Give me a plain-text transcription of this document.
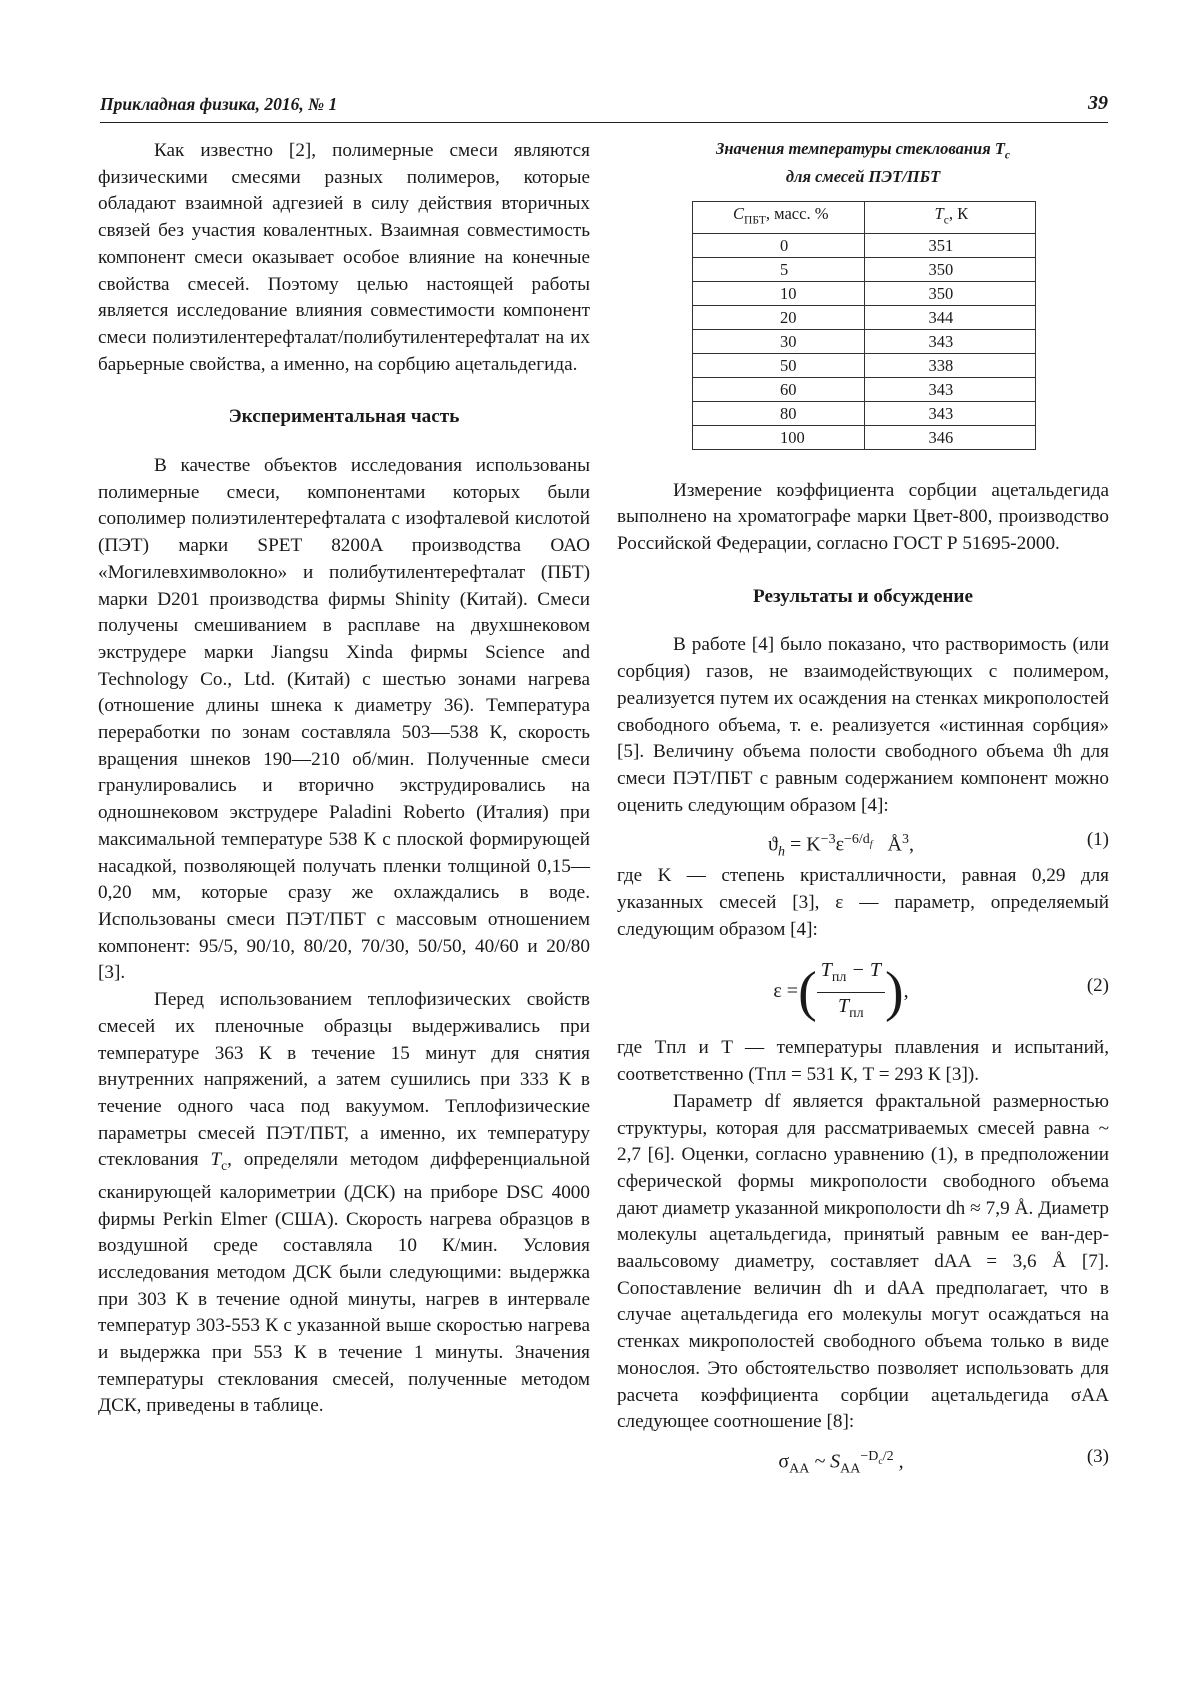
Прикладная физика, 2016, № 1	39

Как известно [2], полимерные смеси являются физическими смесями разных полимеров, которые обладают взаимной адгезией в силу действия вторичных связей без участия ковалентных. Взаимная совместимость компонент смеси оказывает особое влияние на конечные свойства смесей. Поэтому целью настоящей работы является исследование влияния совместимости компонент смеси полиэтилентерефталат/полибутилентерефталат на их барьерные свойства, а именно, на сорбцию ацетальдегида.

Экспериментальная часть

В качестве объектов исследования использованы полимерные смеси, компонентами которых были сополимер полиэтилентерефталата с изофталевой кислотой (ПЭТ) марки SPET 8200A производства ОАО «Могилевхимволокно» и полибутилентерефталат (ПБТ) марки D201 производства фирмы Shinity (Китай). Смеси получены смешиванием в расплаве на двухшнековом экструдере марки Jiangsu Xinda фирмы Science and Technology Co., Ltd. (Китай) с шестью зонами нагрева (отношение длины шнека к диаметру 36). Температура переработки по зонам составляла 503—538 К, скорость вращения шнеков 190—210 об/мин. Полученные смеси гранулировались и вторично экструдировались на одношнековом экструдере Paladini Roberto (Италия) при максимальной температуре 538 К с плоской формирующей насадкой, позволяющей получать пленки толщиной 0,15—0,20 мм, которые сразу же охлаждались в воде. Использованы смеси ПЭТ/ПБТ с массовым отношением компонент: 95/5, 90/10, 80/20, 70/30, 50/50, 40/60 и 20/80 [3].

Перед использованием теплофизических свойств смесей их пленочные образцы выдерживались при температуре 363 К в течение 15 минут для снятия внутренних напряжений, а затем сушились при 333 К в течение одного часа под вакуумом. Теплофизические параметры смесей ПЭТ/ПБТ, а именно, их температуру стеклования $T_c$, определяли методом дифференциальной сканирующей калориметрии (ДСК) на приборе DSC 4000 фирмы Perkin Elmer (США). Скорость нагрева образцов в воздушной среде составляла 10 К/мин. Условия исследования методом ДСК были следующими: выдержка при 303 К в течение одной минуты, нагрев в интервале температур 303-553 К с указанной выше скоростью нагрева и выдержка при 553 К в течение 1 минуты. Значения температуры стеклования смесей, полученные методом ДСК, приведены в таблице.

Значения температуры стеклования $T_c$
для смесей ПЭТ/ПБТ
$C_{ПБТ}$, масс. %	$T_c$, К
0	351
5	350
10	350
20	344
30	343
50	338
60	343
80	343
100	346

Измерение коэффициента сорбции ацетальдегида выполнено на хроматографе марки Цвет-800, производство Российской Федерации, согласно ГОСТ Р 51695-2000.

Результаты и обсуждение

В работе [4] было показано, что растворимость (или сорбция) газов, не взаимодействующих с полимером, реализуется путем их осаждения на стенках микрополостей свободного объема, т. е. реализуется «истинная сорбция» [5]. Величину объема полости свободного объема ϑh для смеси ПЭТ/ПБТ с равным содержанием компонент можно оценить следующим образом [4]:

$ϑ_h = K^{-3}\varepsilon^{-6/d_f}$ $Å^3$,	(1)

где K — степень кристалличности, равная 0,29 для указанных смесей [3], ε — параметр, определяемый следующим образом [4]:

ε =( $\frac{T_{пл} - T}{T_{пл}}$ ),	(2)

где Tпл и T — температуры плавления и испытаний, соответственно (Tпл = 531 К, T = 293 К [3]).

Параметр df является фрактальной размерностью структуры, которая для рассматриваемых смесей равна ~ 2,7 [6]. Оценки, согласно уравнению (1), в предположении сферической формы микрополости свободного объема дают диаметр указанной микрополости dh ≈ 7,9 Å. Диаметр молекулы ацетальдегида, принятый равным ее ван-дер-ваальсовому диаметру, составляет dAA = 3,6 Å [7]. Сопоставление величин dh и dAA предполагает, что в случае ацетальдегида его молекулы могут осаждаться на стенках микрополостей свободного объема только в виде монослоя. Это обстоятельство позволяет использовать для расчета коэффициента сорбции ацетальдегида σAA следующее соотношение [8]:

$\sigma_{AA}$ ~ $S_{AA}^{-D_c/2}$ ,	(3)
